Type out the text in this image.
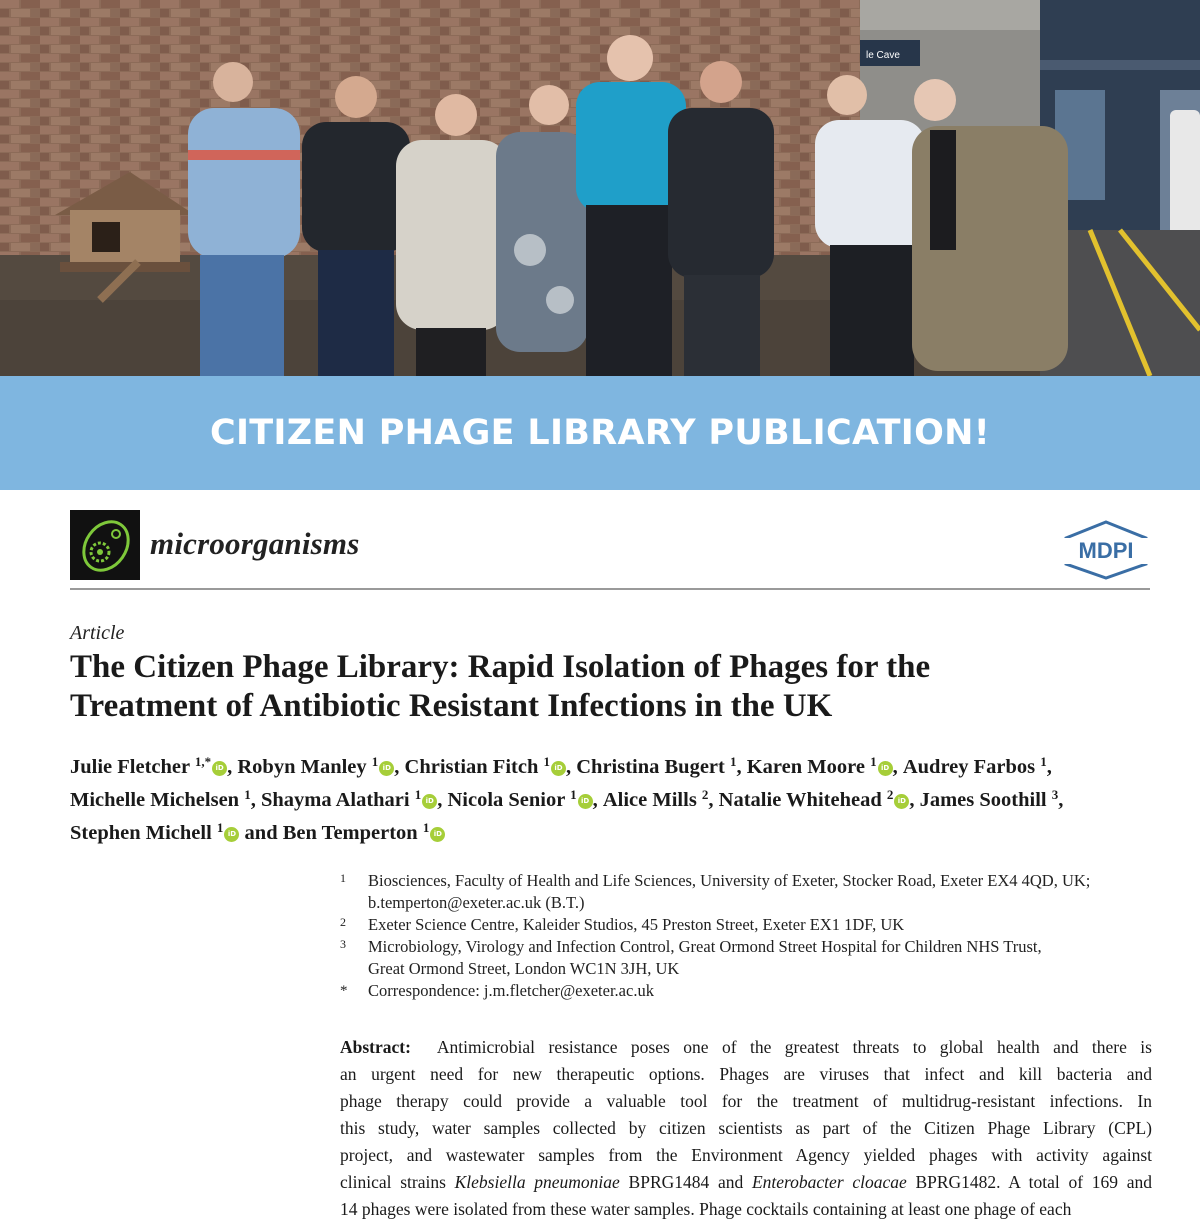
le Cave
CITIZEN PHAGE LIBRARY PUBLICATION!
microorganisms	MDPI
Article
The Citizen Phage Library: Rapid Isolation of Phages for the
Treatment of Antibiotic Resistant Infections in the UK
Julie Fletcher $^{1,*}$ iD , Robyn Manley $^1$ iD , Christian Fitch $^1$ iD , Christina Bugert $^1$, Karen Moore $^1$ iD , Audrey Farbos $^1$,
Michelle Michelsen $^1$, Shayma Alathari $^1$ iD , Nicola Senior $^1$ iD , Alice Mills $^2$, Natalie Whitehead $^2$ iD , James Soothill $^3$,
Stephen Michell $^1$ iD and Ben Temperton $^1$ iD
1 Biosciences, Faculty of Health and Life Sciences, University of Exeter, Stocker Road, Exeter EX4 4QD, UK;
b.temperton@exeter.ac.uk (B.T.)
2 Exeter Science Centre, Kaleider Studios, 45 Preston Street, Exeter EX1 1DF, UK
3 Microbiology, Virology and Infection Control, Great Ormond Street Hospital for Children NHS Trust,
Great Ormond Street, London WC1N 3JH, UK
* Correspondence: j.m.fletcher@exeter.ac.uk
Abstract: Antimicrobial resistance poses one of the greatest threats to global health and there is
an urgent need for new therapeutic options. Phages are viruses that infect and kill bacteria and
phage therapy could provide a valuable tool for the treatment of multidrug-resistant infections. In
this study, water samples collected by citizen scientists as part of the Citizen Phage Library (CPL)
project, and wastewater samples from the Environment Agency yielded phages with activity against
clinical strains Klebsiella pneumoniae BPRG1484 and Enterobacter cloacae BPRG1482. A total of 169 and
14 phages were isolated from these water samples. Phage cocktails containing at least one phage of each
